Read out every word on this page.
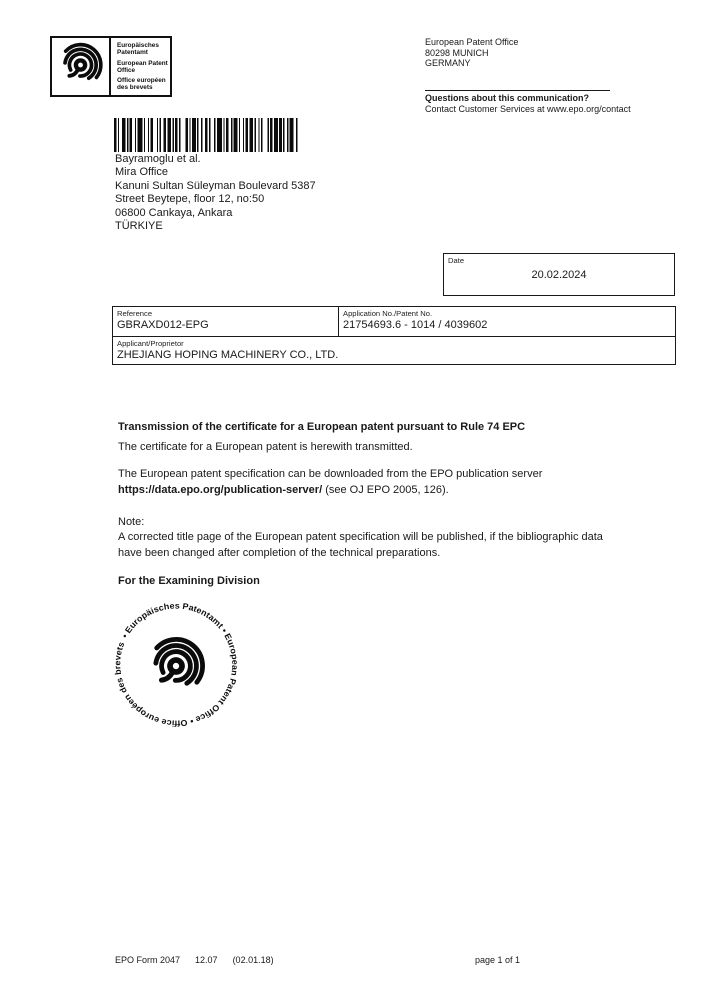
Europäisches Patentamt
European Patent Office
Office européen des brevets
European Patent Office
80298 MUNICH
GERMANY
Questions about this communication?
Contact Customer Services at www.epo.org/contact
Bayramoglu et al.
Mira Office
Kanuni Sultan Süleyman Boulevard 5387
Street Beytepe, floor 12, no:50
06800 Cankaya, Ankara
TÜRKIYE
Date
20.02.2024
Reference
GBRAXD012-EPG
Application No./Patent No.
21754693.6 - 1014 / 4039602
Applicant/Proprietor
ZHEJIANG HOPING MACHINERY CO., LTD.
Transmission of the certificate for a European patent pursuant to Rule 74 EPC
The certificate for a European patent is herewith transmitted.
The European patent specification can be downloaded from the EPO publication server
https://data.epo.org/publication-server/ (see OJ EPO 2005, 126).
Note:
A corrected title page of the European patent specification will be published, if the bibliographic data
have been changed after completion of the technical preparations.
For the Examining Division
• Europäisches Patentamt • European Patent Office • Office européen des brevets
EPO Form 2047 12.07 (02.01.18)	page 1 of 1
